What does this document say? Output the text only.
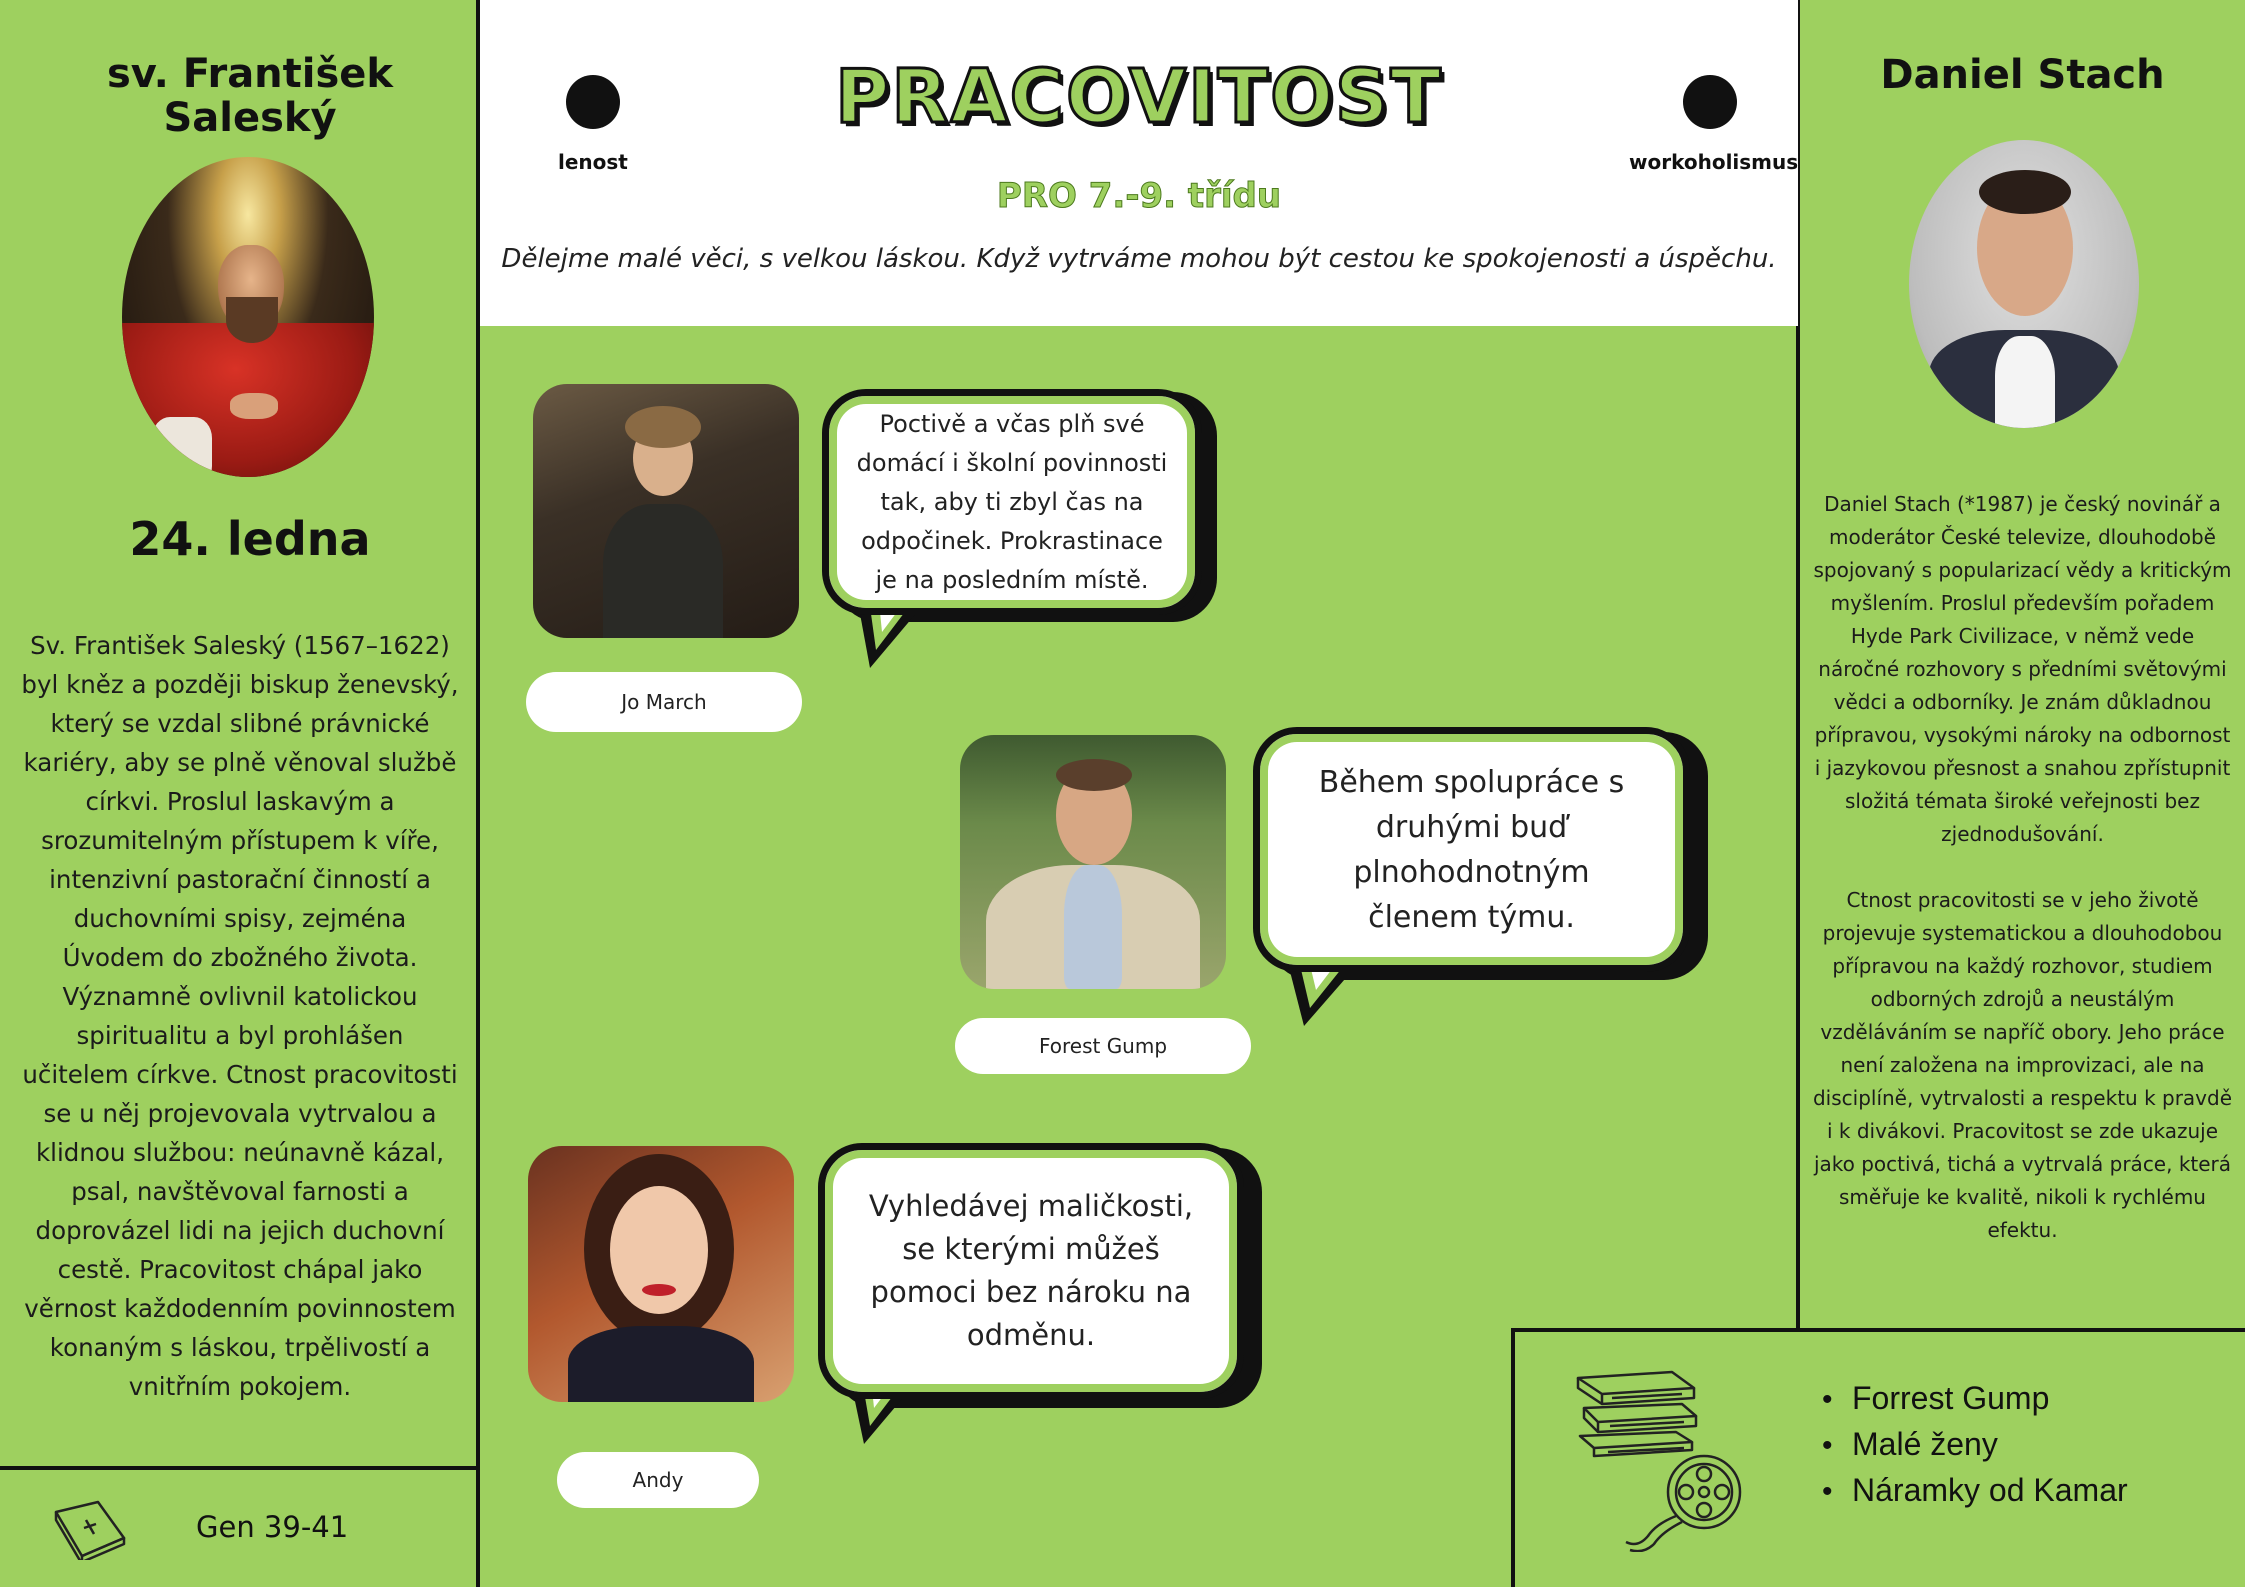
sv. František Saleský
24. ledna
Sv. František Saleský (1567–1622) byl kněz a později biskup ženevský, který se vzdal slibné právnické kariéry, aby se plně věnoval službě církvi. Proslul laskavým a srozumitelným přístupem k víře, intenzivní pastorační činností a duchovními spisy, zejména Úvodem do zbožného života. Významně ovlivnil katolickou spiritualitu a byl prohlášen učitelem církve. Ctnost pracovitosti se u něj projevovala vytrvalou a klidnou službou: neúnavně kázal, psal, navštěvoval farnosti a doprovázel lidi na jejich duchovní cestě. Pracovitost chápal jako věrnost každodenním povinnostem konaným s láskou, trpělivostí a vnitřním pokojem.
Gen 39-41
lenost	workoholismus
PRACOVITOST
PRO 7.-9. třídu
Dělejme malé věci, s velkou láskou. Když vytrváme mohou být cestou ke spokojenosti a úspěchu.
Jo March
Poctivě a včas plň své domácí i školní povinnosti tak, aby ti zbyl čas na odpočinek. Prokrastinace je na posledním místě.
Forest Gump
Během spolupráce s druhými buď plnohodnotným členem týmu.
Andy
Vyhledávej maličkosti, se kterými můžeš pomoci bez nároku na odměnu.
Daniel Stach
Daniel Stach (*1987) je český novinář a moderátor České televize, dlouhodobě spojovaný s popularizací vědy a kritickým myšlením. Proslul především pořadem Hyde Park Civilizace, v němž vede náročné rozhovory s předními světovými vědci a odborníky. Je znám důkladnou přípravou, vysokými nároky na odbornost i jazykovou přesnost a snahou zpřístupnit složitá témata široké veřejnosti bez zjednodušování.
Ctnost pracovitosti se v jeho životě projevuje systematickou a dlouhodobou přípravou na každý rozhovor, studiem odborných zdrojů a neustálým vzděláváním se napříč obory. Jeho práce není založena na improvizaci, ale na disciplíně, vytrvalosti a respektu k pravdě i k divákovi. Pracovitost se zde ukazuje jako poctivá, tichá a vytrvalá práce, která směřuje ke kvalitě, nikoli k rychlému efektu.
• Forrest Gump
• Malé ženy
• Náramky od Kamar
